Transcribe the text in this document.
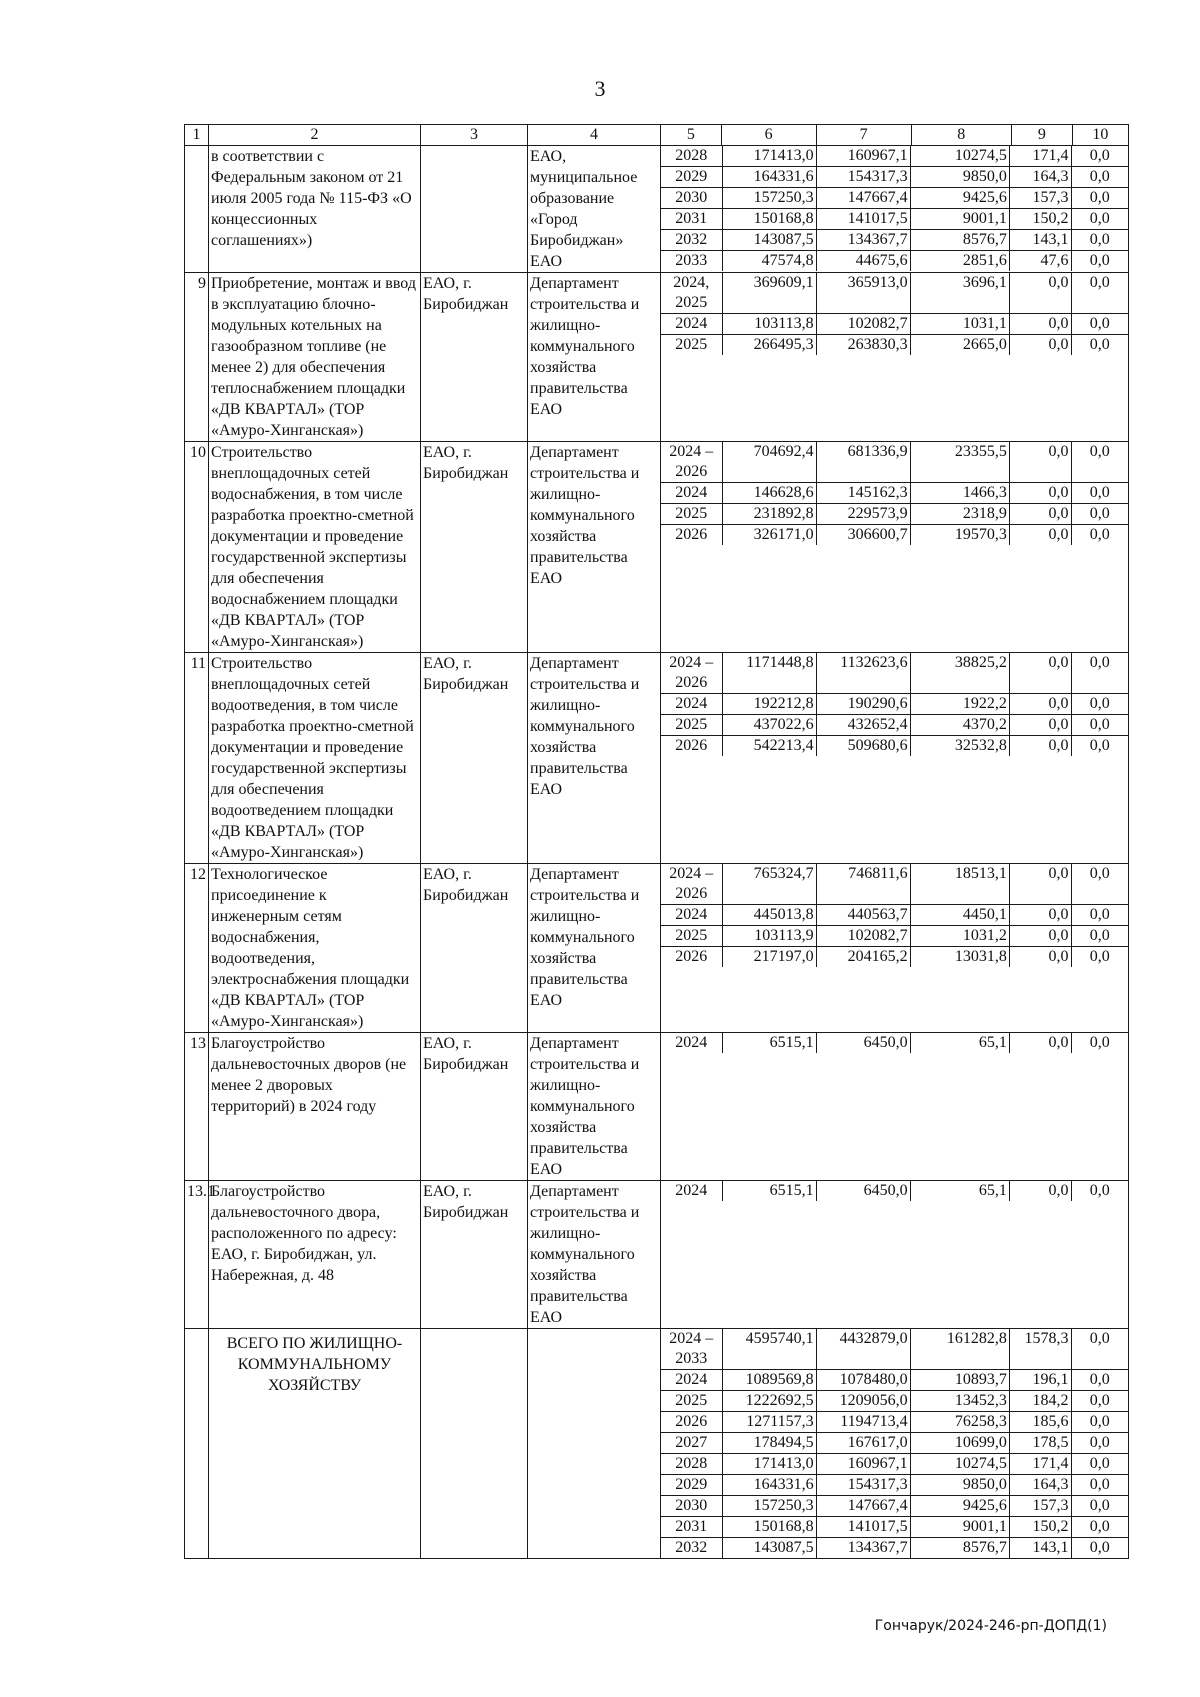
3
1	2	3	4		5	6	7	8	9	10

	в соответствии с Федеральным законом от 21 июля 2005 года № 115-ФЗ «О концессионных соглашениях»)		ЕАО, муниципальное образование «Город Биробиджан» ЕАО	
2028	171413,0	160967,1	10274,5	171,4	0,0
2029	164331,6	154317,3	9850,0	164,3	0,0
2030	157250,3	147667,4	9425,6	157,3	0,0
2031	150168,8	141017,5	9001,1	150,2	0,0
2032	143087,5	134367,7	8576,7	143,1	0,0
2033	47574,8	44675,6	2851,6	47,6	0,0

9	Приобретение, монтаж и ввод в эксплуатацию блочно-модульных котельных на газообразном топливе (не менее 2) для обеспечения теплоснабжением площадки «ДВ КВАРТАЛ» (ТОР «Амуро-Хинганская»)	ЕАО, г. Биробиджан	Департамент строительства и жилищно-коммунального хозяйства правительства ЕАО	
2024, 2025	369609,1	365913,0	3696,1	0,0	0,0
2024	103113,8	102082,7	1031,1	0,0	0,0
2025	266495,3	263830,3	2665,0	0,0	0,0

10	Строительство внеплощадочных сетей водоснабжения, в том числе разработка проектно-сметной документации и проведение государственной экспертизы для обеспечения водоснабжением площадки «ДВ КВАРТАЛ» (ТОР «Амуро-Хинганская»)	ЕАО, г. Биробиджан	Департамент строительства и жилищно-коммунального хозяйства правительства ЕАО	
2024 – 2026	704692,4	681336,9	23355,5	0,0	0,0
2024	146628,6	145162,3	1466,3	0,0	0,0
2025	231892,8	229573,9	2318,9	0,0	0,0
2026	326171,0	306600,7	19570,3	0,0	0,0

11	Строительство внеплощадочных сетей водоотведения, в том числе разработка проектно-сметной документации и проведение государственной экспертизы для обеспечения водоотведением площадки «ДВ КВАРТАЛ» (ТОР «Амуро-Хинганская»)	ЕАО, г. Биробиджан	Департамент строительства и жилищно-коммунального хозяйства правительства ЕАО	
2024 – 2026	1171448,8	1132623,6	38825,2	0,0	0,0
2024	192212,8	190290,6	1922,2	0,0	0,0
2025	437022,6	432652,4	4370,2	0,0	0,0
2026	542213,4	509680,6	32532,8	0,0	0,0

12	Технологическое присоединение к инженерным сетям водоснабжения, водоотведения, электроснабжения площадки «ДВ КВАРТАЛ» (ТОР «Амуро-Хинганская»)	ЕАО, г. Биробиджан	Департамент строительства и жилищно-коммунального хозяйства правительства ЕАО	
2024 – 2026	765324,7	746811,6	18513,1	0,0	0,0
2024	445013,8	440563,7	4450,1	0,0	0,0
2025	103113,9	102082,7	1031,2	0,0	0,0
2026	217197,0	204165,2	13031,8	0,0	0,0

13	Благоустройство дальневосточных дворов (не менее 2 дворовых территорий) в 2024 году	ЕАО, г. Биробиджан	Департамент строительства и жилищно-коммунального хозяйства правительства ЕАО	
2024	6515,1	6450,0	65,1	0,0	0,0

13.1	Благоустройство дальневосточного двора, расположенного по адресу: ЕАО, г. Биробиджан, ул. Набережная, д. 48	ЕАО, г. Биробиджан	Департамент строительства и жилищно-коммунального хозяйства правительства ЕАО	
2024	6515,1	6450,0	65,1	0,0	0,0

	ВСЕГО ПО ЖИЛИЩНО-КОММУНАЛЬНОМУ ХОЗЯЙСТВУ			
2024 – 2033	4595740,1	4432879,0	161282,8	1578,3	0,0
2024	1089569,8	1078480,0	10893,7	196,1	0,0
2025	1222692,5	1209056,0	13452,3	184,2	0,0
2026	1271157,3	1194713,4	76258,3	185,6	0,0
2027	178494,5	167617,0	10699,0	178,5	0,0
2028	171413,0	160967,1	10274,5	171,4	0,0
2029	164331,6	154317,3	9850,0	164,3	0,0
2030	157250,3	147667,4	9425,6	157,3	0,0
2031	150168,8	141017,5	9001,1	150,2	0,0
2032	143087,5	134367,7	8576,7	143,1	0,0
Гончарук/2024-246-рп-ДОПД(1)
